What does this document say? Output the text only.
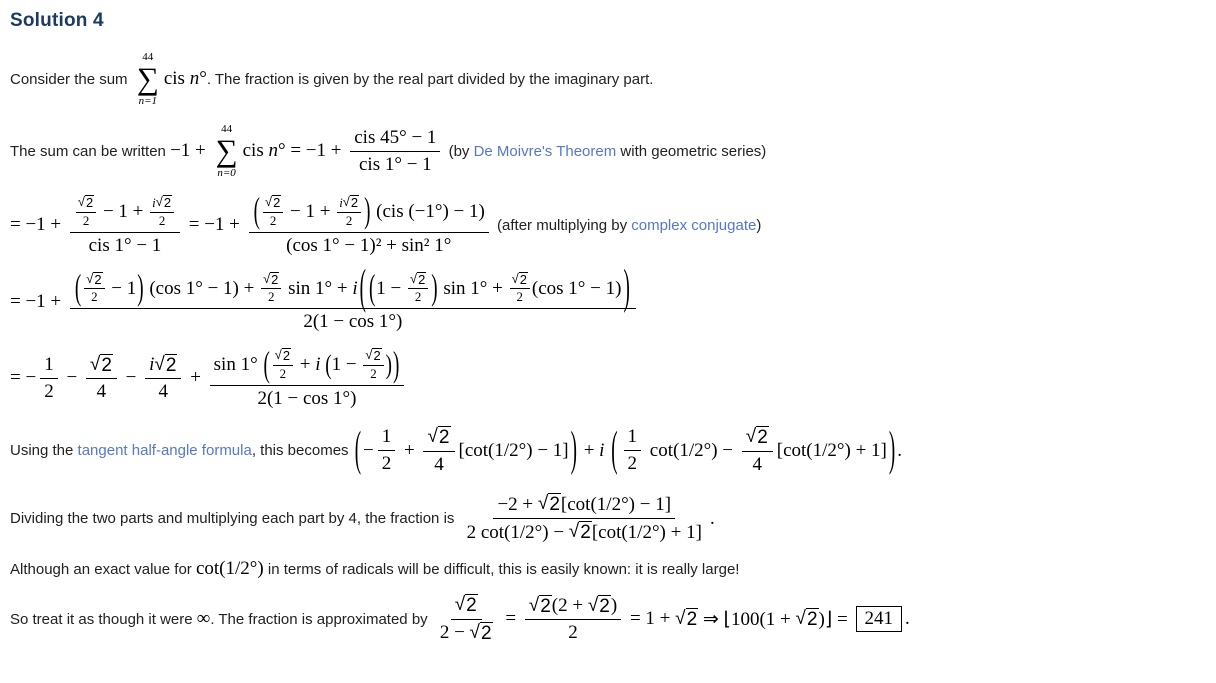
Solution 4
Consider the sum
44
∑
n=1
cis n ° . The fraction is given by the real part divided by the imaginary part.
The sum can be written −1 +
44
∑
n=0
cis n ° = $-1 + \frac{\text{cis 45° − 1}}{\text{cis 1° − 1}} (by$ De Moivre's Theorem with geometric series)
= $-1 + \frac{\frac{√ 2}{2} - 1 + \frac{i √ 2}{2}}{\text{cis 1° − 1}} = -1 + \frac{( \frac{√ 2}{2} - 1 + \frac{i √ 2}{2} ) (cis (-1^\circ) - 1)}{\text{(cos 1° − 1)² + sin² 1°}}$ (after multiplying by complex conjugate )
= −1 + ( $\frac{√ 2}{2} - 1$ ) (cos $1^\circ - 1) + \frac{√ 2}{2}$ sin 1° + i ( ( $1 - \frac{√ 2}{2}$ ) $\sin 1^\circ + \frac{√ 2}{2} (\cos$ 1° − 1) )
2(1 − cos 1°)
= − $\frac{1}{2} - \frac{√ 2}{4} - \frac{i √ 2}{4} + \sin 1^\circ$ ( $\frac{√ 2}{2} + i$
( $1 - \frac{√ 2}{2}$ ) )
2(1 − cos 1°)
Using the tangent half-angle formula , this becomes ( − $\frac{1}{2} + \frac{√ 2}{4} [\cot(1/2^\circ) - 1]$ ) + i
( $\frac{1}{2} \cot(1/2^\circ) - \frac{√ 2}{4} [\cot(1/2^\circ) + 1]$ ) .
Dividing the two parts and multiplying each part by 4, the fraction is $\frac{-2 + √ 2 [\cot(1/2^\circ) - 1]}{2 \cot(1/2^\circ) - √ 2 [\cot(1/2^\circ) + 1]}$ .
Although an exact value for cot(1/2°) in terms of radicals will be difficult, this is easily known: it is really large!
So treat it as though it were ∞ . The fraction is approximated by $\frac{√ 2}{2 - √ 2} = \frac{√ 2 (2 + √ 2 )}{2} = 1$ + √ 2 ⇒ ⌊100(1 + √ 2 )⌋ = 241 .
